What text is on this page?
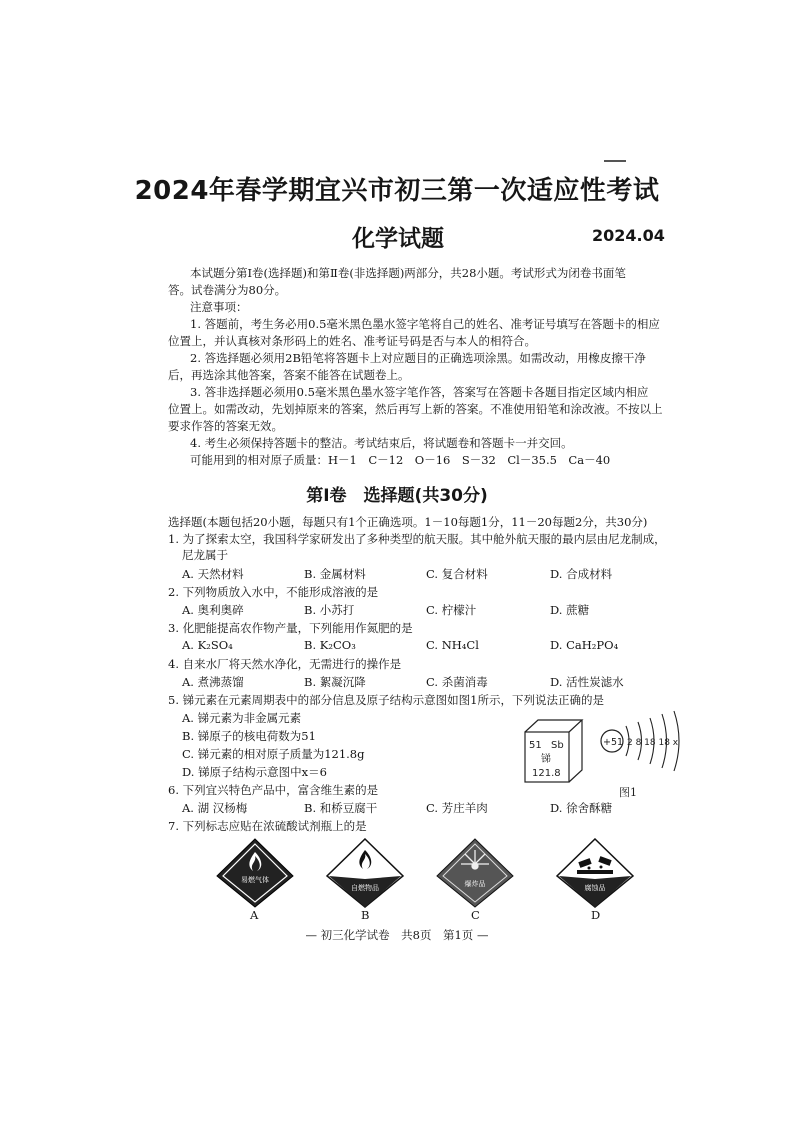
2024年春学期宜兴市初三第一次适应性考试
化学试题	2024.04
本试题分第Ⅰ卷(选择题)和第Ⅱ卷(非选择题)两部分，共28小题。考试形式为闭卷书面笔
答。试卷满分为80分。
注意事项：
1. 答题前，考生务必用0.5毫米黑色墨水签字笔将自己的姓名、准考证号填写在答题卡的相应
位置上，并认真核对条形码上的姓名、准考证号码是否与本人的相符合。
2. 答选择题必须用2B铅笔将答题卡上对应题目的正确选项涂黑。如需改动，用橡皮擦干净
后，再选涂其他答案，答案不能答在试题卷上。
3. 答非选择题必须用0.5毫米黑色墨水签字笔作答，答案写在答题卡各题目指定区域内相应
位置上。如需改动，先划掉原来的答案，然后再写上新的答案。不准使用铅笔和涂改液。不按以上
要求作答的答案无效。
4. 考生必须保持答题卡的整洁。考试结束后，将试题卷和答题卡一并交回。
可能用到的相对原子质量：H－1　C－12　O－16　S－32　Cl－35.5　Ca－40
第Ⅰ卷　选择题(共30分)
选择题(本题包括20小题，每题只有1个正确选项。1－10每题1分，11－20每题2分，共30分)
1. 为了探索太空，我国科学家研发出了多种类型的航天服。其中舱外航天服的最内层由尼龙制成，
尼龙属于
A. 天然材料	B. 金属材料	C. 复合材料	D. 合成材料
2. 下列物质放入水中，不能形成溶液的是
A. 奥利奥碎	B. 小苏打	C. 柠檬汁	D. 蔗糖
3. 化肥能提高农作物产量，下列能用作氮肥的是
A. K₂SO₄	B. K₂CO₃	C. NH₄Cl	D. CaH₂PO₄
4. 自来水厂将天然水净化，无需进行的操作是
A. 煮沸蒸馏	B. 絮凝沉降	C. 杀菌消毒	D. 活性炭滤水
5. 锑元素在元素周期表中的部分信息及原子结构示意图如图1所示，下列说法正确的是
A. 锑元素为非金属元素
B. 锑原子的核电荷数为51
C. 锑元素的相对原子质量为121.8g
D. 锑原子结构示意图中x＝6
51 Sb
锑
121.8
+51 2 8 18 18 x
图1
6. 下列宜兴特色产品中，富含维生素的是
A. 湖 汉杨梅	B. 和桥豆腐干	C. 芳庄羊肉	D. 徐舍酥糖
7. 下列标志应贴在浓硫酸试剂瓶上的是
易燃气体
自燃物品	爆炸品	腐蚀品
A	B	C	D
— 初三化学试卷　共8页　第1页 —
